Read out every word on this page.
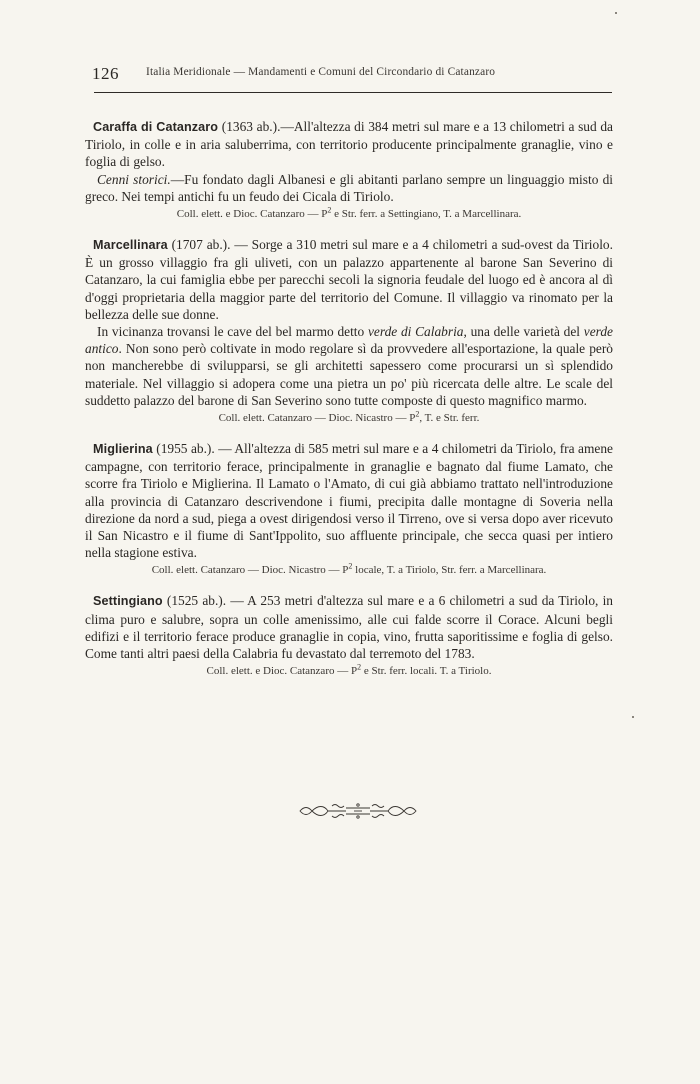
126 Italia Meridionale — Mandamenti e Comuni del Circondario di Catanzaro

Caraffa di Catanzaro (1363 ab.).—All'altezza di 384 metri sul mare e a 13 chilometri a sud da Tiriolo, in colle e in aria saluberrima, con territorio producente principalmente granaglie, vino e foglia di gelso.

Cenni storici.—Fu fondato dagli Albanesi e gli abitanti parlano sempre un linguaggio misto di greco. Nei tempi antichi fu un feudo dei Cicala di Tiriolo.

Coll. elett. e Dioc. Catanzaro — $P^2$ e Str. ferr. a Settingiano, T. a Marcellinara.

Marcellinara (1707 ab.). — Sorge a 310 metri sul mare e a 4 chilometri a sud-ovest da Tiriolo. È un grosso villaggio fra gli uliveti, con un palazzo appartenente al barone San Severino di Catanzaro, la cui famiglia ebbe per parecchi secoli la signoria feudale del luogo ed è ancora al dì d'oggi proprietaria della maggior parte del territorio del Comune. Il villaggio va rinomato per la bellezza delle sue donne.

In vicinanza trovansi le cave del bel marmo detto verde di Calabria, una delle varietà del verde antico. Non sono però coltivate in modo regolare sì da provvedere all'esportazione, la quale però non mancherebbe di svilupparsi, se gli architetti sapessero come procurarsi un sì splendido materiale. Nel villaggio si adopera come una pietra un po' più ricercata delle altre. Le scale del suddetto palazzo del barone di San Severino sono tutte composte di questo magnifico marmo.

Coll. elett. Catanzaro — Dioc. Nicastro — $P^2$, T. e Str. ferr.

Miglierina (1955 ab.). — All'altezza di 585 metri sul mare e a 4 chilometri da Tiriolo, fra amene campagne, con territorio ferace, principalmente in granaglie e bagnato dal fiume Lamato, che scorre fra Tiriolo e Miglierina. Il Lamato o l'Amato, di cui già abbiamo trattato nell'introduzione alla provincia di Catanzaro descrivendone i fiumi, precipita dalle montagne di Soveria nella direzione da nord a sud, piega a ovest dirigendosi verso il Tirreno, ove si versa dopo aver ricevuto il San Nicastro e il fiume di Sant'Ippolito, suo affluente principale, che secca quasi per intiero nella stagione estiva.

Coll. elett. Catanzaro — Dioc. Nicastro — $P^2$ locale, T. a Tiriolo, Str. ferr. a Marcellinara.

Settingiano (1525 ab.). — A 253 metri d'altezza sul mare e a 6 chilometri a sud da Tiriolo, in clima puro e salubre, sopra un colle amenissimo, alle cui falde scorre il Corace. Alcuni begli edifizi e il territorio ferace produce granaglie in copia, vino, frutta saporitissime e foglia di gelso. Come tanti altri paesi della Calabria fu devastato dal terremoto del 1783.

Coll. elett. e Dioc. Catanzaro — $P^2$ e Str. ferr. locali. T. a Tiriolo.
